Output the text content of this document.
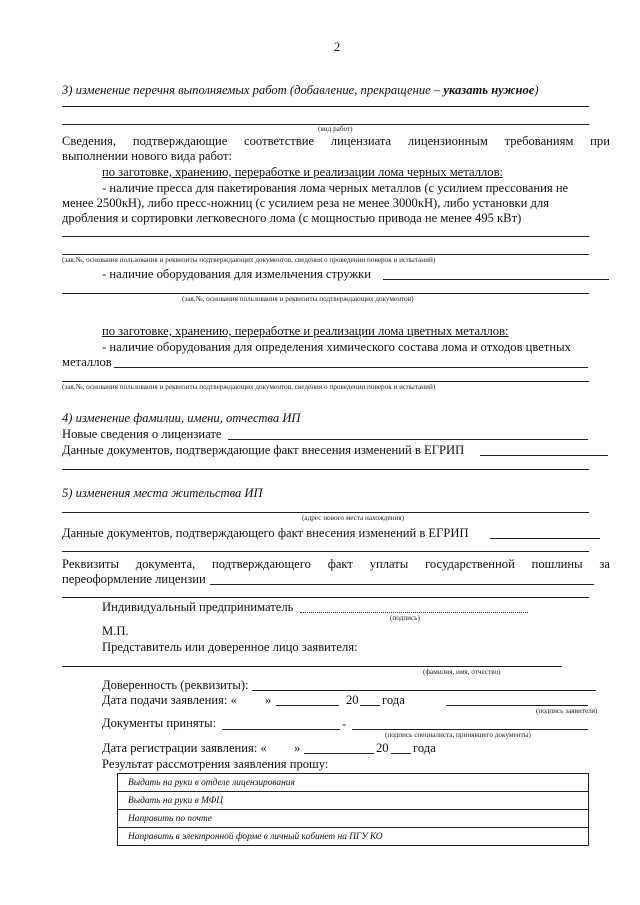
2
3) изменение перечня выполняемых работ (добавление, прекращение – указать нужное)
(вид работ)
Сведения, подтверждающие соответствие лицензиата лицензионным требованиям при
выполнении нового вида работ:
по заготовке, хранению, переработке и реализации лома черных металлов:
- наличие пресса для пакетирования лома черных металлов (с усилием прессования не
менее 2500кН), либо пресс-ножниц (с усилием реза не менее 3000кН), либо установки для
дробления и сортировки легковесного лома (с мощностью привода не менее 495 кВт)
(зав.№, основания пользования и реквизиты подтверждающих документов, сведения о проведении поверок и испытаний)
- наличие оборудования для измельчения стружки
(зав.№, основания пользования и реквизиты подтверждающих документов)
по заготовке, хранению, переработке и реализации лома цветных металлов:
- наличие оборудования для определения химического состава лома и отходов цветных
металлов
(зав.№, основания пользования и реквизиты подтверждающих документов, сведения о проведении поверок и испытаний)
4) изменение фамилии, имени, отчества ИП
Новые сведения о лицензиате
Данные документов, подтверждающие факт внесения изменений в ЕГРИП
5) изменения места жительства ИП
(адрес нового места нахождения)
Данные документов, подтверждающего факт внесения изменений в ЕГРИП
Реквизиты документа, подтверждающего факт уплаты государственной пошлины за
переоформление лицензии
Индивидуальный предприниматель
(подпись)
М.П.
Представитель или доверенное лицо заявителя:
(фамилия, имя, отчество)
Доверенность (реквизиты):
Дата подачи заявления: « »	20 года
(подпись заявителя)
Документы приняты:	-
(подпись специалиста, принявшего документы)
Дата регистрации заявления: « »	20 года
Результат рассмотрения заявления прошу:
Выдать на руки в отделе лицензирования
Выдать на руки в МФЦ
Направить по почте
Направить в электронной форме в личный кабинет на ПГУ КО
